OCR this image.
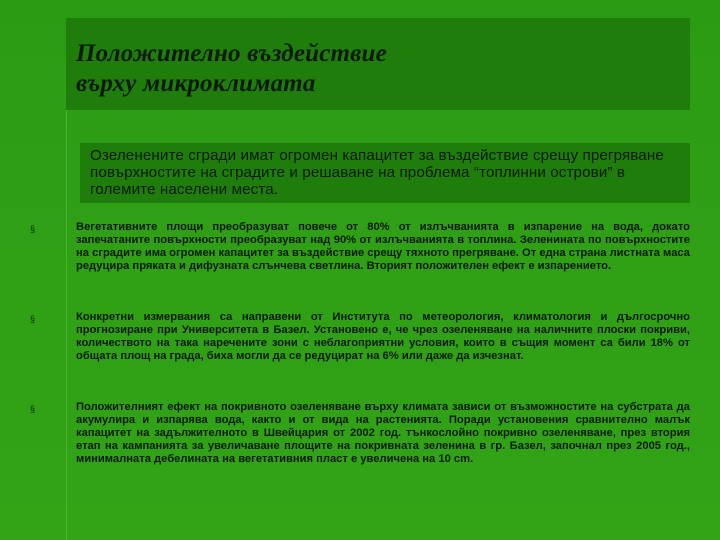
Положително въздействие
върху микроклимата
Озеленените сгради имат огромен капацитет за въздействие срещу прегряване повърхностите на сградите и решаване на проблема “топлинни острови” в големите населени места.
§	Вегетативните площи преобразуват повече от 80% от излъчванията в изпарение на вода, докато запечатаните повърхности преобразуват над 90% от излъчванията в топлина. Зеленината по повърхностите на сградите има огромен капацитет за въздействие срещу тяхното прегряване. От една страна листната маса редуцира пряката и дифузната слънчева светлина. Вторият положителен ефект е изпарението.
§	Конкретни измервания са направени от Института по метеорология, климатология и дългосрочно прогнозиране при Университета в Базел. Установено е, че чрез озеленяване на наличните плоски покриви, количеството на така наречените зони с неблагоприятни условия, които в същия момент са били 18% от общата площ на града, биха могли да се редуцират на 6% или даже да изчезнат.
§	Положителният ефект на покривното озеленяване върху климата зависи от възможностите на субстрата да акумулира и изпарява вода, както и от вида на растенията. Поради установения сравнително малък капацитет на задължителното в Швейцария от 2002 год. тънкослойно покривно озеленяване, през втория етап на кампанията за увеличаване площите на покривната зеленина в гр. Базел, започнал през 2005 год., минималната дебелината на вегетативния пласт е увеличена на 10 cm.
